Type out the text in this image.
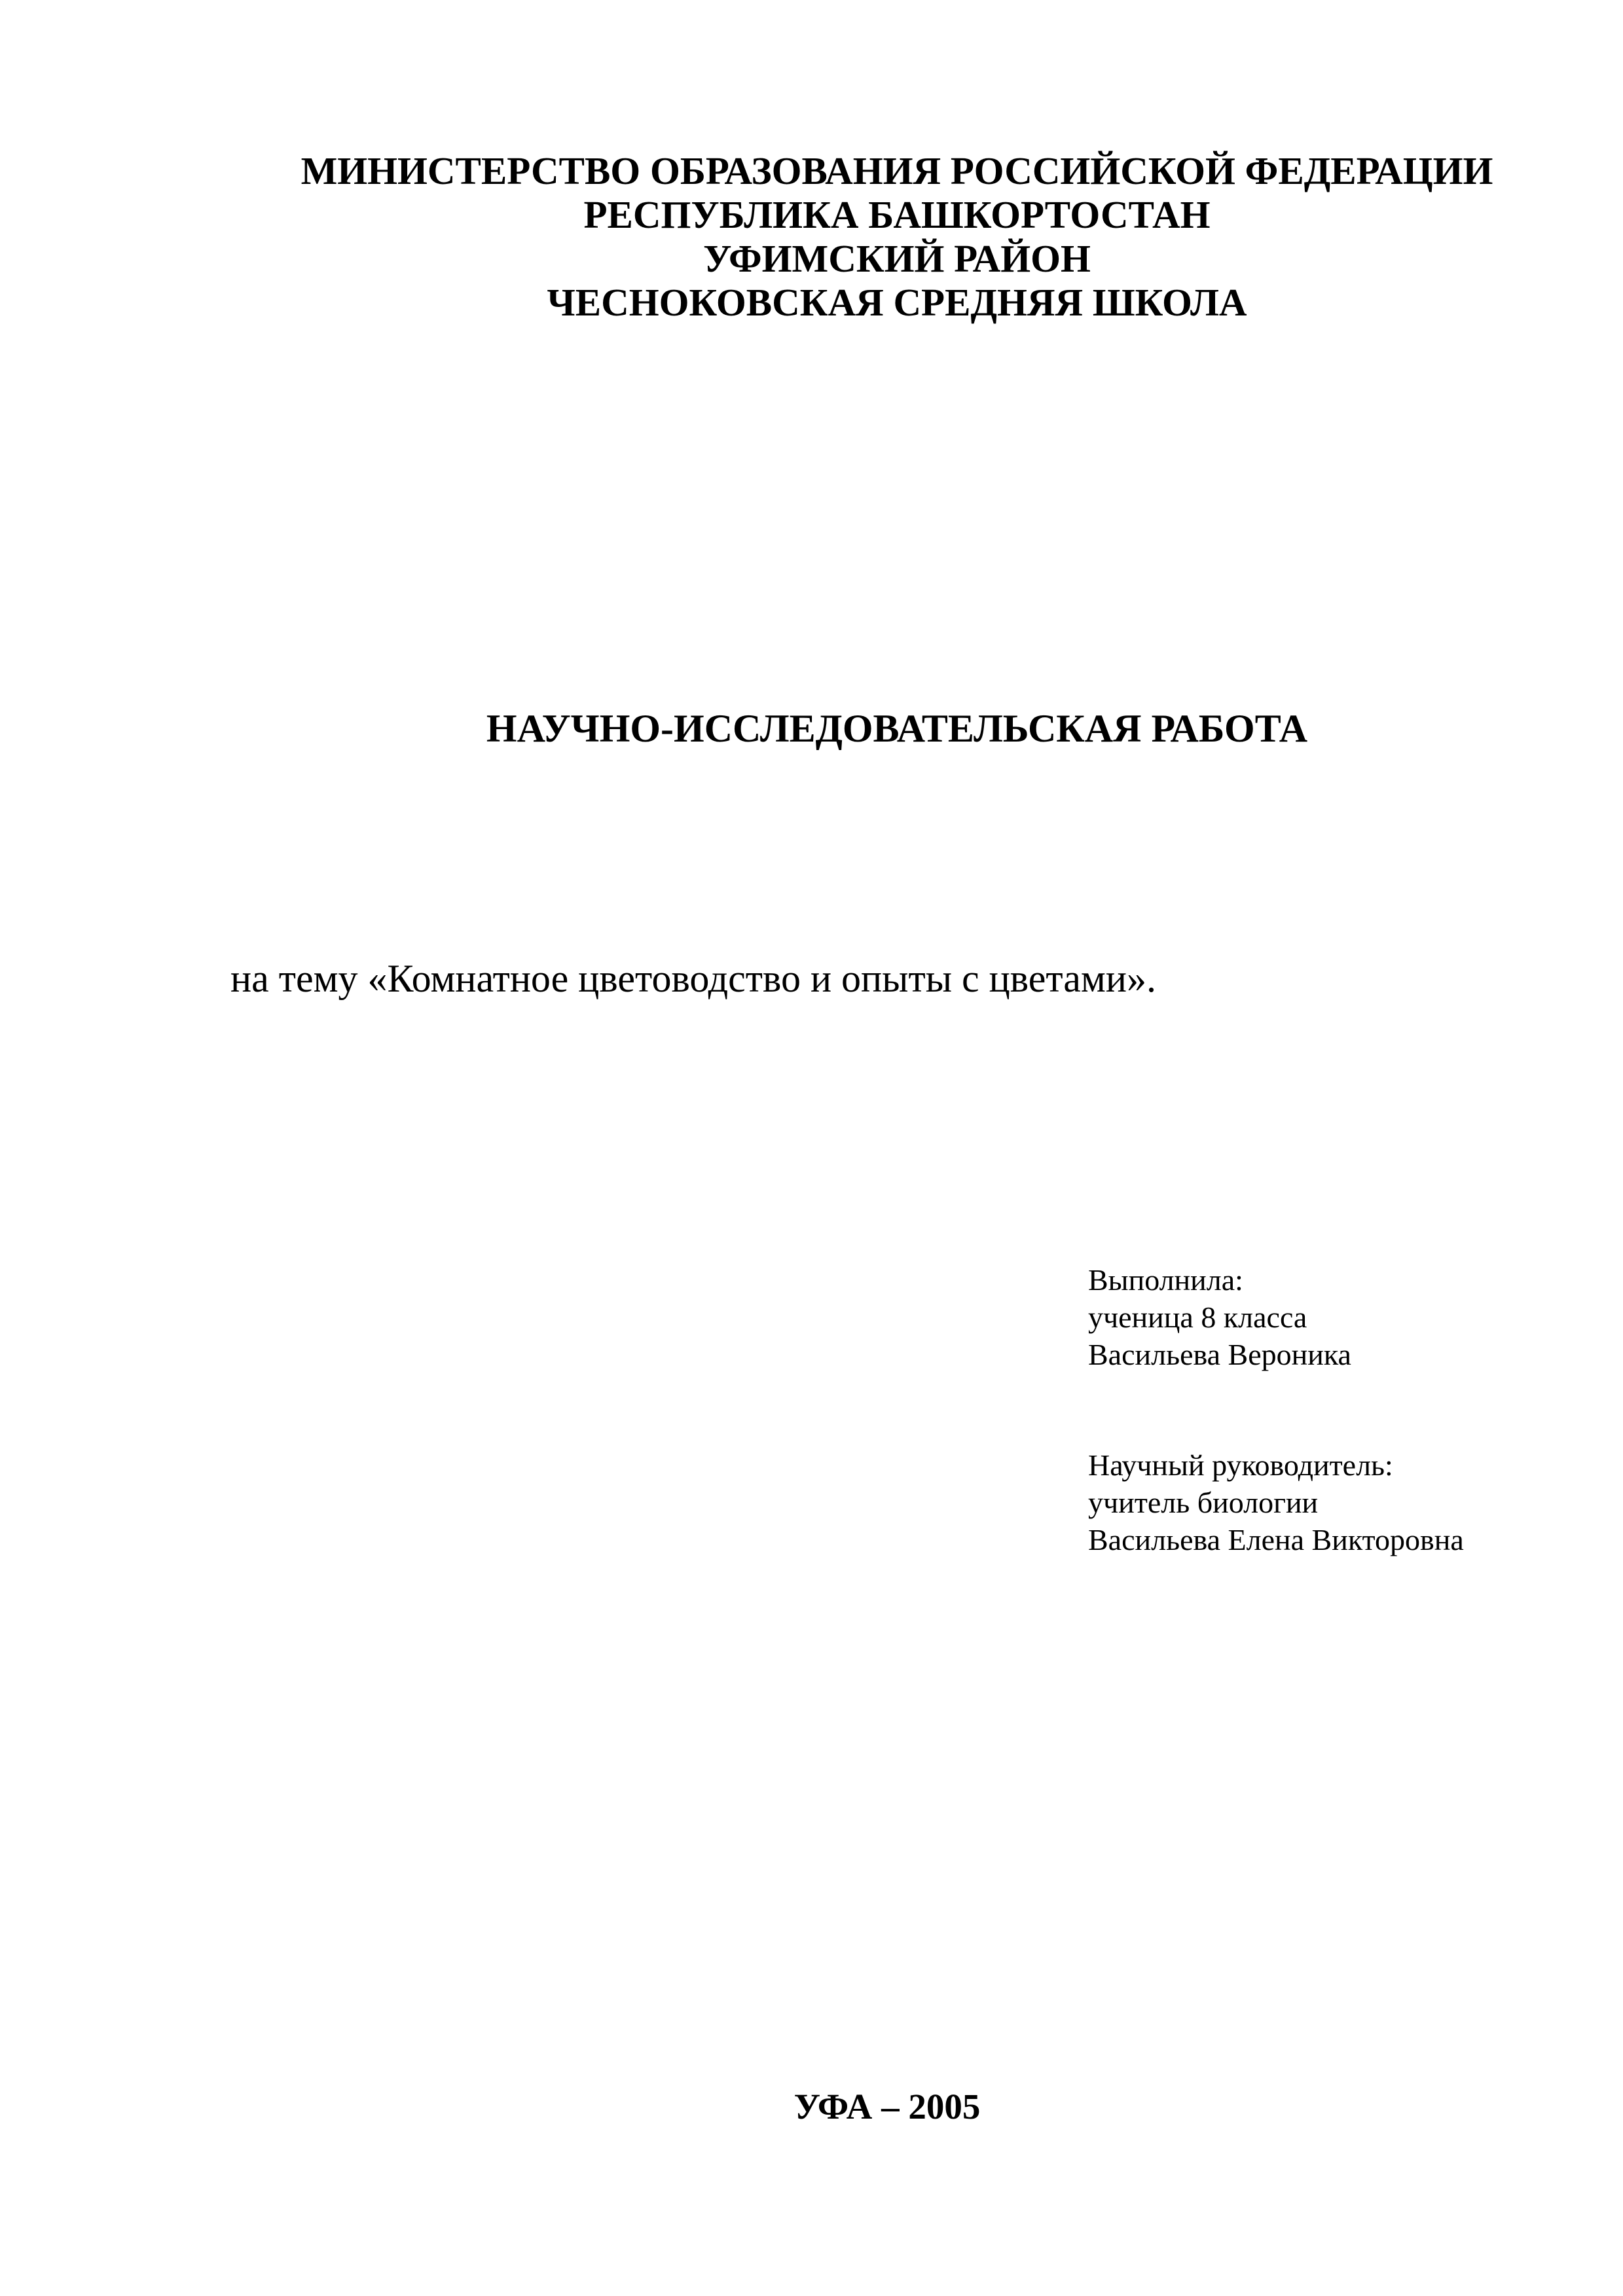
МИНИСТЕРСТВО ОБРАЗОВАНИЯ РОССИЙСКОЙ ФЕДЕРАЦИИ
РЕСПУБЛИКА БАШКОРТОСТАН
УФИМСКИЙ РАЙОН
ЧЕСНОКОВСКАЯ СРЕДНЯЯ ШКОЛА
НАУЧНО-ИССЛЕДОВАТЕЛЬСКАЯ РАБОТА
на тему «Комнатное цветоводство и опыты с цветами».
Выполнила:
ученица 8 класса
Васильева Вероника
Научный руководитель:
учитель биологии
Васильева Елена Викторовна
УФА – 2005
